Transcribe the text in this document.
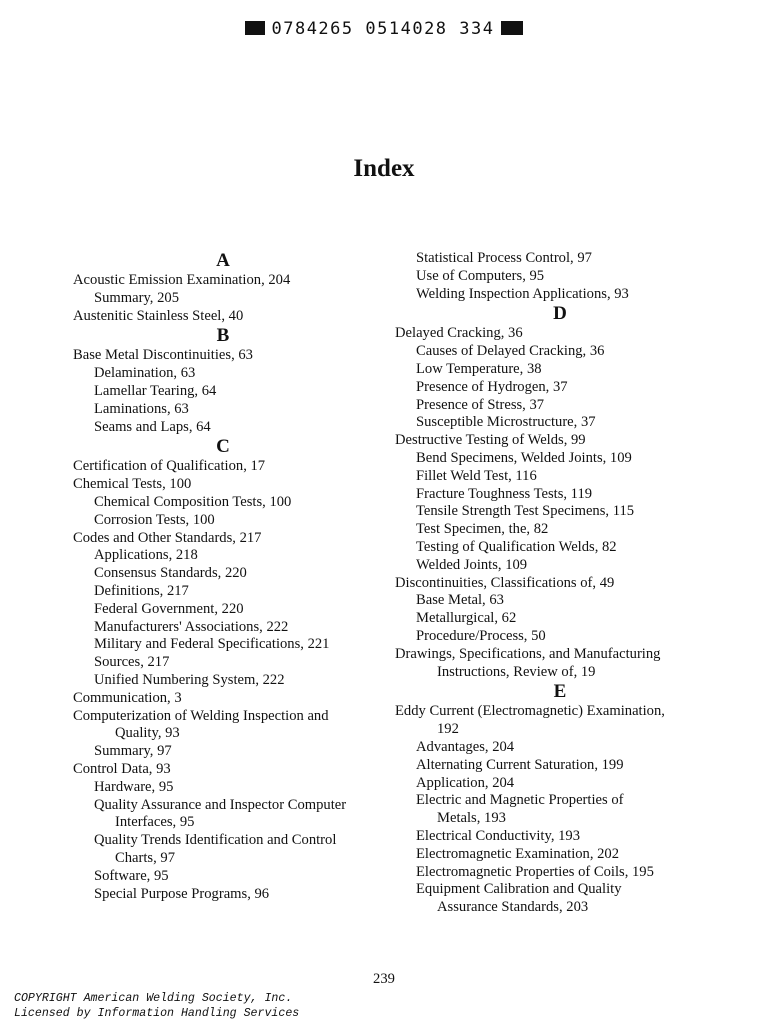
0784265 0514028 334
Index
A
Acoustic Emission Examination, 204
Summary, 205
Austenitic Stainless Steel, 40
B
Base Metal Discontinuities, 63
Delamination, 63
Lamellar Tearing, 64
Laminations, 63
Seams and Laps, 64
C
Certification of Qualification, 17
Chemical Tests, 100
Chemical Composition Tests, 100
Corrosion Tests, 100
Codes and Other Standards, 217
Applications, 218
Consensus Standards, 220
Definitions, 217
Federal Government, 220
Manufacturers' Associations, 222
Military and Federal Specifications, 221
Sources, 217
Unified Numbering System, 222
Communication, 3
Computerization of Welding Inspection and
Quality, 93
Summary, 97
Control Data, 93
Hardware, 95
Quality Assurance and Inspector Computer
Interfaces, 95
Quality Trends Identification and Control
Charts, 97
Software, 95
Special Purpose Programs, 96
Statistical Process Control, 97
Use of Computers, 95
Welding Inspection Applications, 93
D
Delayed Cracking, 36
Causes of Delayed Cracking, 36
Low Temperature, 38
Presence of Hydrogen, 37
Presence of Stress, 37
Susceptible Microstructure, 37
Destructive Testing of Welds, 99
Bend Specimens, Welded Joints, 109
Fillet Weld Test, 116
Fracture Toughness Tests, 119
Tensile Strength Test Specimens, 115
Test Specimen, the, 82
Testing of Qualification Welds, 82
Welded Joints, 109
Discontinuities, Classifications of, 49
Base Metal, 63
Metallurgical, 62
Procedure/Process, 50
Drawings, Specifications, and Manufacturing
Instructions, Review of, 19
E
Eddy Current (Electromagnetic) Examination,
192
Advantages, 204
Alternating Current Saturation, 199
Application, 204
Electric and Magnetic Properties of
Metals, 193
Electrical Conductivity, 193
Electromagnetic Examination, 202
Electromagnetic Properties of Coils, 195
Equipment Calibration and Quality
Assurance Standards, 203
239
COPYRIGHT American Welding Society, Inc.
Licensed by Information Handling Services
